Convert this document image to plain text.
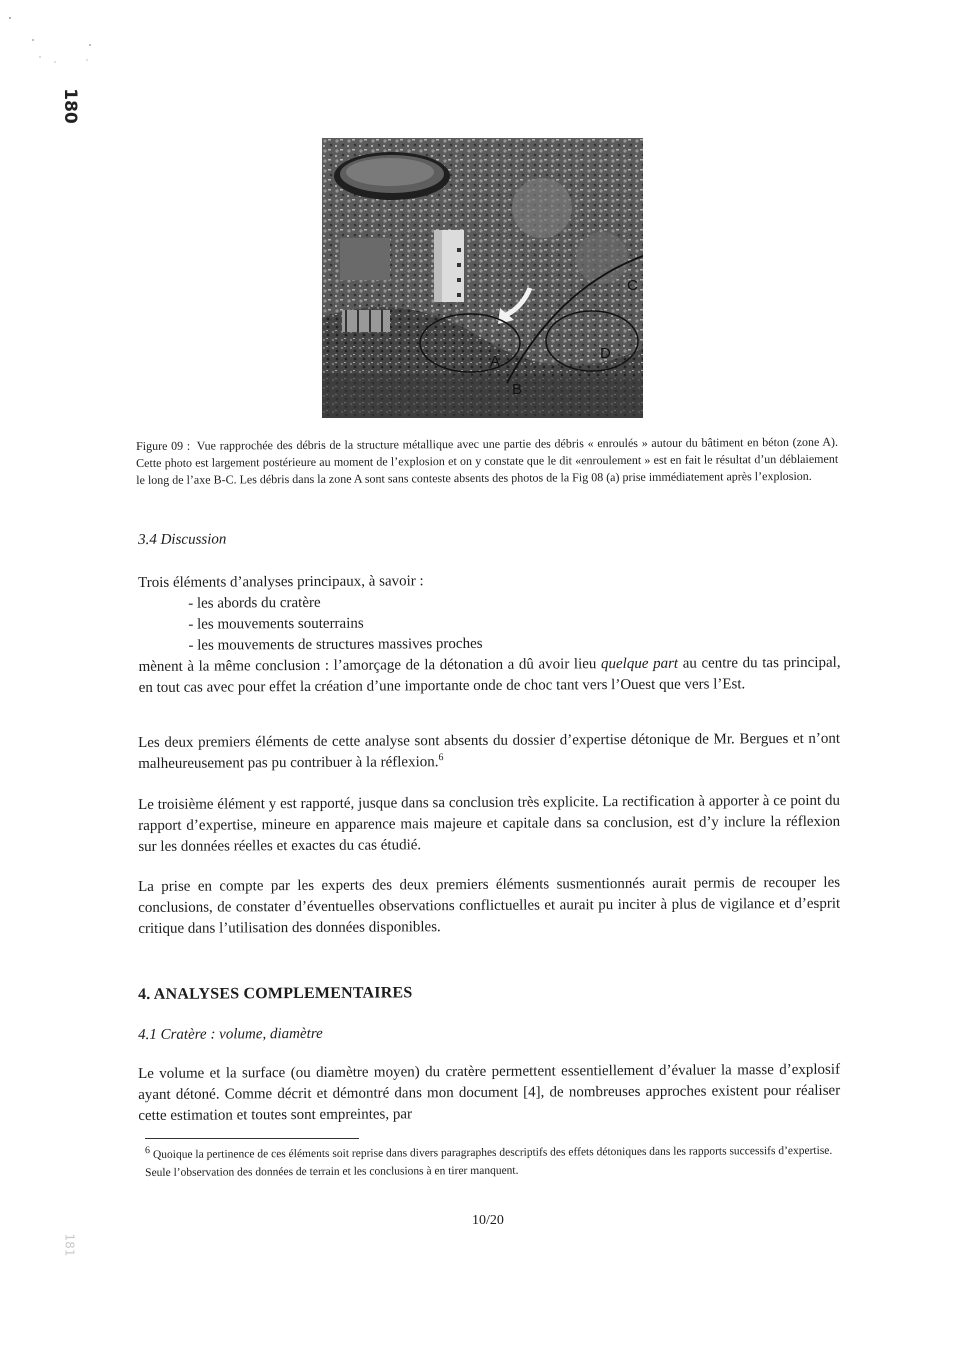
180
181
A
B
C
D
Figure 09 : Vue rapprochée des débris de la structure métallique avec une partie des débris « enroulés » autour du bâtiment en béton (zone A). Cette photo est largement postérieure au moment de l’explosion et on y constate que le dit «enroulement » est en fait le résultat d’un déblaiement le long de l’axe B-C. Les débris dans la zone A sont sans conteste absents des photos de la Fig 08 (a) prise immédiatement après l’explosion.
3.4 Discussion
Trois éléments d’analyses principaux, à savoir :
- les abords du cratère
- les mouvements souterrains
- les mouvements de structures massives proches
mènent à la même conclusion : l’amorçage de la détonation a dû avoir lieu quelque part au centre du tas principal, en tout cas avec pour effet la création d’une importante onde de choc tant vers l’Ouest que vers l’Est.
Les deux premiers éléments de cette analyse sont absents du dossier d’expertise détonique de Mr. Bergues et n’ont malheureusement pas pu contribuer à la réflexion.$^6$
Le troisième élément y est rapporté, jusque dans sa conclusion très explicite. La rectification à apporter à ce point du rapport d’expertise, mineure en apparence mais majeure et capitale dans sa conclusion, est d’y inclure la réflexion sur les données réelles et exactes du cas étudié.
La prise en compte par les experts des deux premiers éléments susmentionnés aurait permis de recouper les conclusions, de constater d’éventuelles observations conflictuelles et aurait pu inciter à plus de vigilance et d’esprit critique dans l’utilisation des données disponibles.
4. ANALYSES COMPLEMENTAIRES
4.1 Cratère : volume, diamètre
Le volume et la surface (ou diamètre moyen) du cratère permettent essentiellement d’évaluer la masse d’explosif ayant détoné. Comme décrit et démontré dans mon document [4], de nombreuses approches existent pour réaliser cette estimation et toutes sont empreintes, par
6 Quoique la pertinence de ces éléments soit reprise dans divers paragraphes descriptifs des effets détoniques dans les rapports successifs d’expertise. Seule l’observation des données de terrain et les conclusions à en tirer manquent.
10/20
